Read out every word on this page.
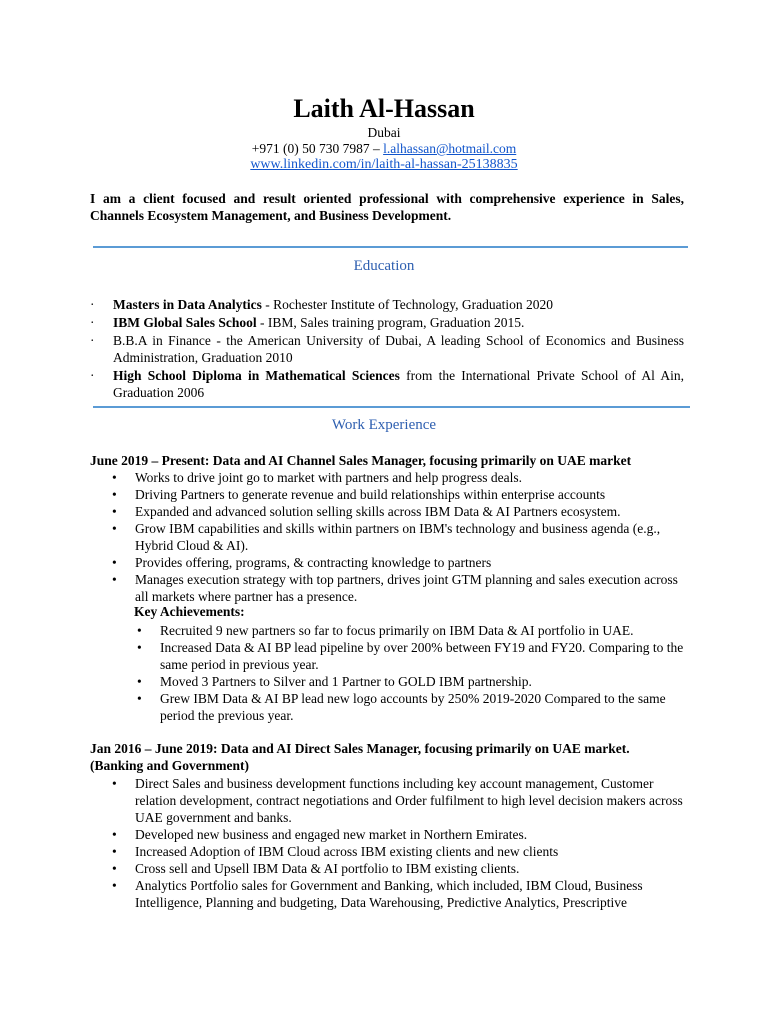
Laith Al-Hassan
Dubai
+971 (0) 50 730 7987 – l.alhassan@hotmail.com
www.linkedin.com/in/laith-al-hassan-25138835
I am a client focused and result oriented professional with comprehensive experience in Sales, Channels Ecosystem Management, and Business Development.
Education
·	Masters in Data Analytics - Rochester Institute of Technology, Graduation 2020
·	IBM Global Sales School - IBM, Sales training program, Graduation 2015.
·	B.B.A in Finance - the American University of Dubai, A leading School of Economics and Business Administration, Graduation 2010
·	High School Diploma in Mathematical Sciences from the International Private School of Al Ain, Graduation 2006
Work Experience
June 2019 – Present: Data and AI Channel Sales Manager, focusing primarily on UAE market
• Works to drive joint go to market with partners and help progress deals.
• Driving Partners to generate revenue and build relationships within enterprise accounts
• Expanded and advanced solution selling skills across IBM Data & AI Partners ecosystem.
• Grow IBM capabilities and skills within partners on IBM's technology and business agenda (e.g., Hybrid Cloud & AI).
• Provides offering, programs, & contracting knowledge to partners
• Manages execution strategy with top partners, drives joint GTM planning and sales execution across all markets where partner has a presence.
Key Achievements:
• Recruited 9 new partners so far to focus primarily on IBM Data & AI portfolio in UAE.
• Increased Data & AI BP lead pipeline by over 200% between FY19 and FY20. Comparing to the same period in previous year.
• Moved 3 Partners to Silver and 1 Partner to GOLD IBM partnership.
• Grew IBM Data & AI BP lead new logo accounts by 250% 2019-2020 Compared to the same period the previous year.
Jan 2016 – June 2019: Data and AI Direct Sales Manager, focusing primarily on UAE market. (Banking and Government)
• Direct Sales and business development functions including key account management, Customer relation development, contract negotiations and Order fulfilment to high level decision makers across UAE government and banks.
• Developed new business and engaged new market in Northern Emirates.
• Increased Adoption of IBM Cloud across IBM existing clients and new clients
• Cross sell and Upsell IBM Data & AI portfolio to IBM existing clients.
• Analytics Portfolio sales for Government and Banking, which included, IBM Cloud, Business Intelligence, Planning and budgeting, Data Warehousing, Predictive Analytics, Prescriptive
